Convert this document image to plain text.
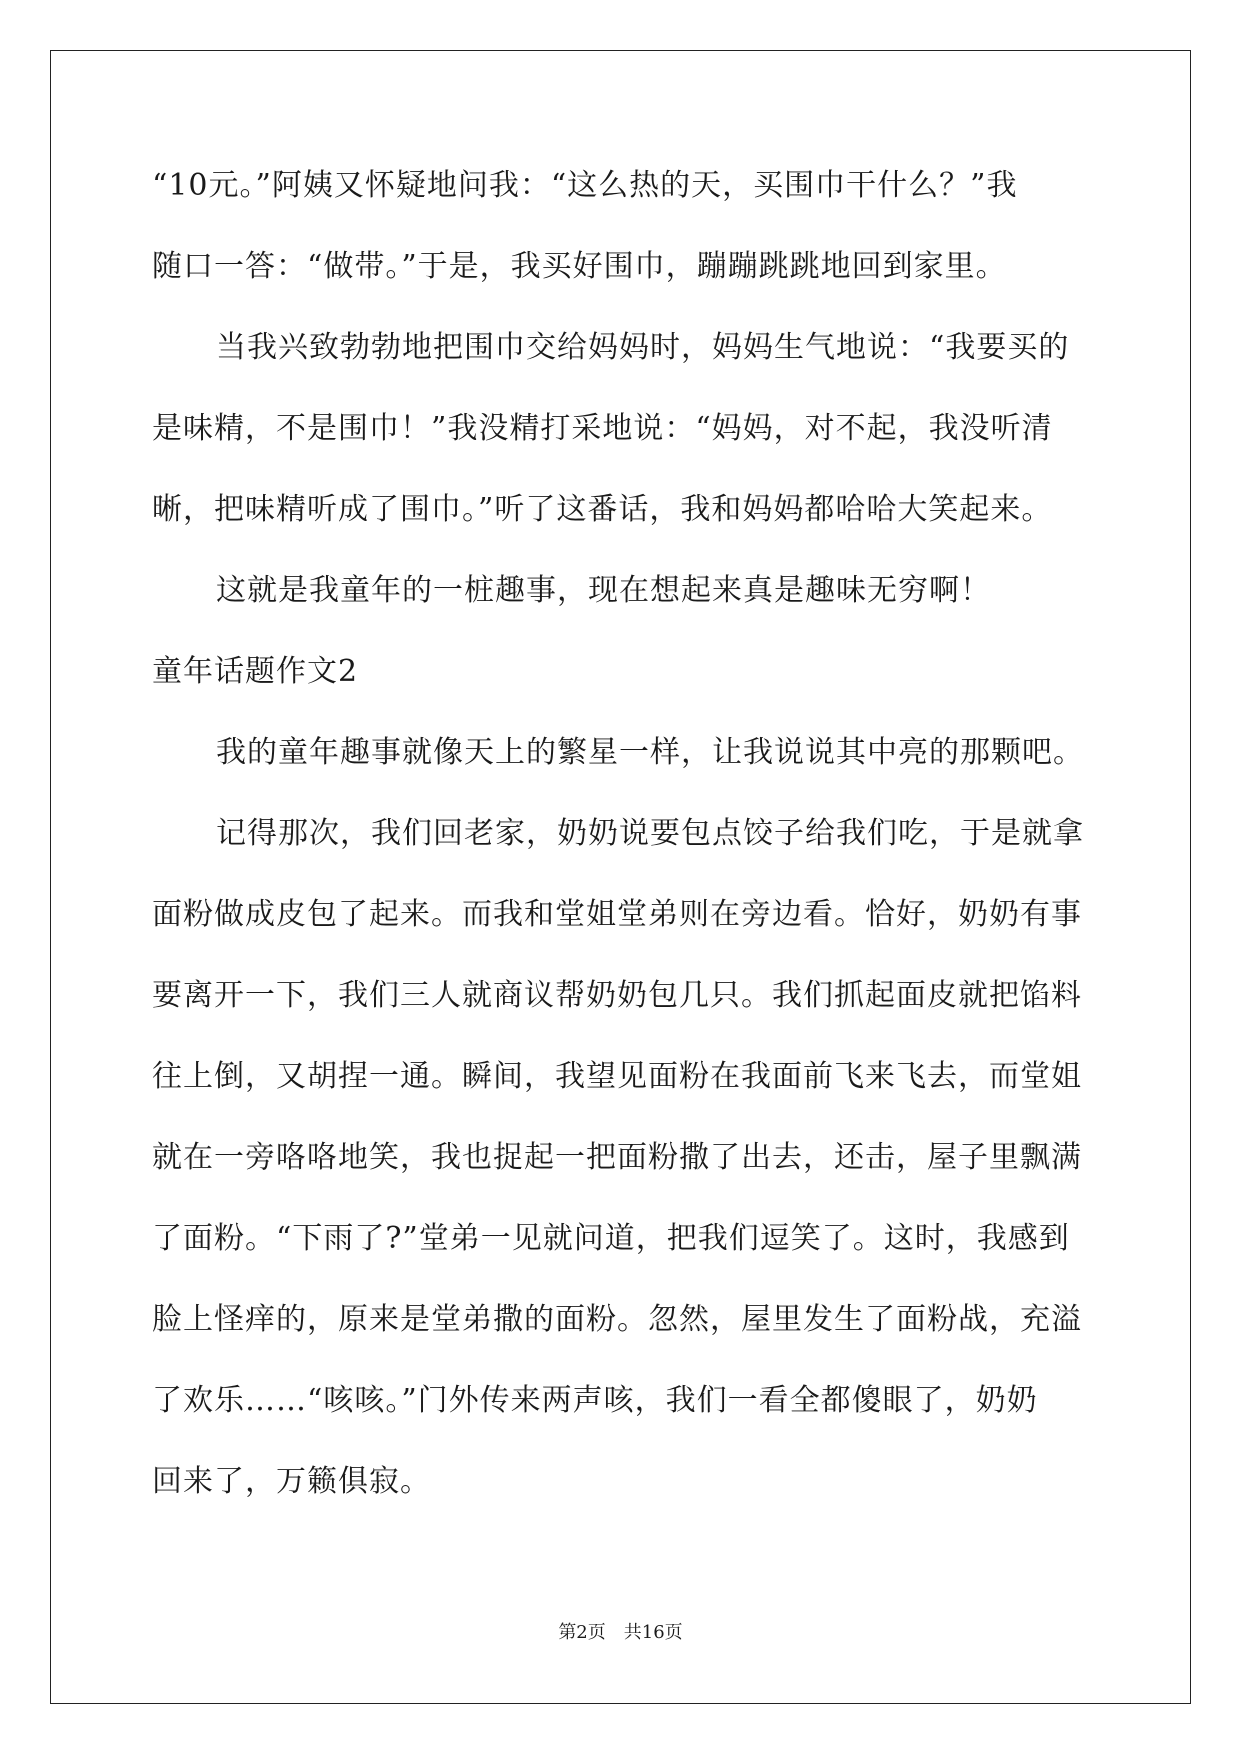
“10元。”阿姨又怀疑地问我：“这么热的天，买围巾干什么？”我

随口一答：“做带。”于是，我买好围巾，蹦蹦跳跳地回到家里。

当我兴致勃勃地把围巾交给妈妈时，妈妈生气地说：“我要买的

是味精，不是围巾！”我没精打采地说：“妈妈，对不起，我没听清

晰，把味精听成了围巾。”听了这番话，我和妈妈都哈哈大笑起来。

这就是我童年的一桩趣事，现在想起来真是趣味无穷啊！

童年话题作文2

我的童年趣事就像天上的繁星一样，让我说说其中亮的那颗吧。

记得那次，我们回老家，奶奶说要包点饺子给我们吃，于是就拿

面粉做成皮包了起来。而我和堂姐堂弟则在旁边看。恰好，奶奶有事

要离开一下，我们三人就商议帮奶奶包几只。我们抓起面皮就把馅料

往上倒，又胡捏一通。瞬间，我望见面粉在我面前飞来飞去，而堂姐

就在一旁咯咯地笑，我也捉起一把面粉撒了出去，还击，屋子里飘满

了面粉。“下雨了?”堂弟一见就问道，把我们逗笑了。这时，我感到

脸上怪痒的，原来是堂弟撒的面粉。忽然，屋里发生了面粉战，充溢

了欢乐……“咳咳。”门外传来两声咳，我们一看全都傻眼了，奶奶

回来了，万籁俱寂。

第2页 共16页
